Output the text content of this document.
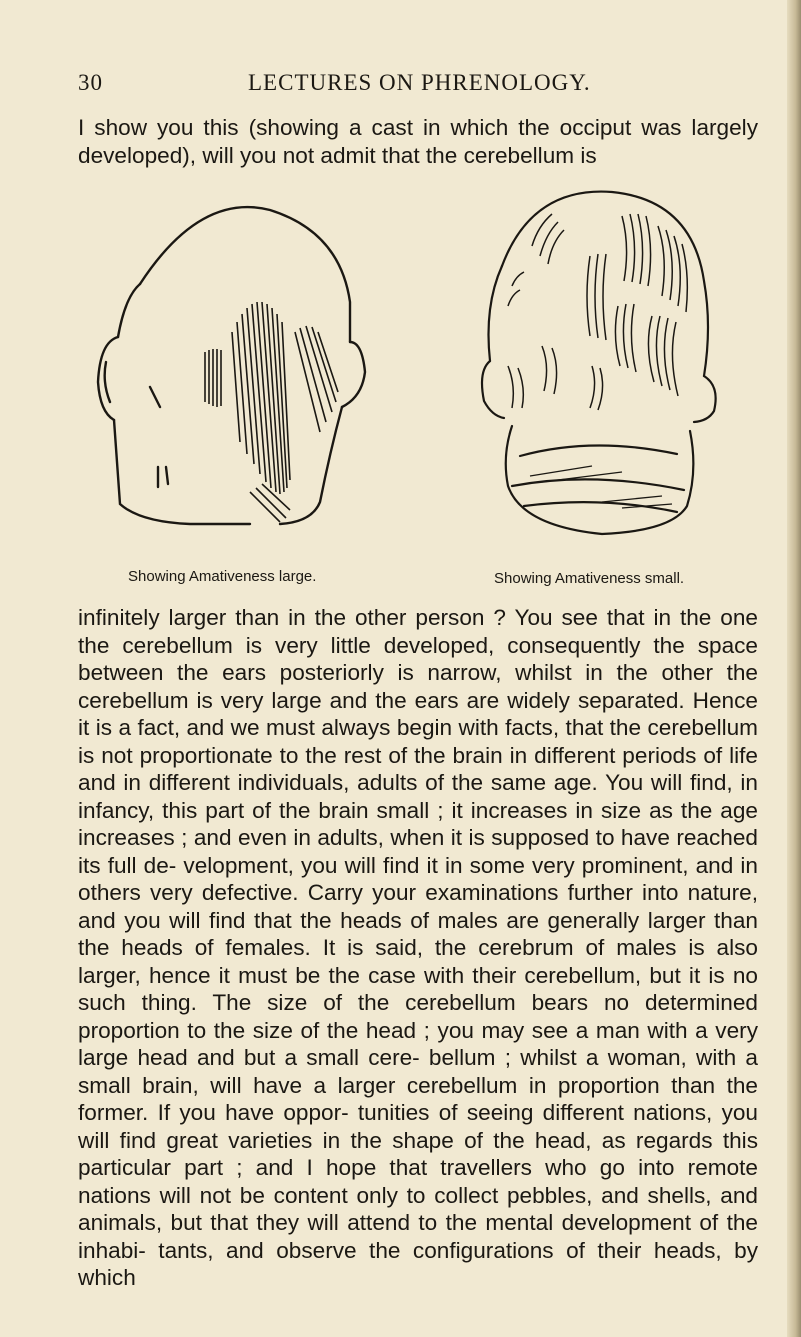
30	LECTURES ON PHRENOLOGY.

I show you this (showing a cast in which the occiput was largely developed), will you not admit that the cerebellum is

Showing Amativeness large.	Showing Amativeness small.

infinitely larger than in the other person ? You see that in the one the cerebellum is very little developed, consequently the space between the ears posteriorly is narrow, whilst in the other the cerebellum is very large and the ears are widely separated. Hence it is a fact, and we must always begin with facts, that the cerebellum is not proportionate to the rest of the brain in different periods of life and in different individuals, adults of the same age. You will find, in infancy, this part of the brain small ; it increases in size as the age increases ; and even in adults, when it is supposed to have reached its full de- velopment, you will find it in some very prominent, and in others very defective. Carry your examinations further into nature, and you will find that the heads of males are generally larger than the heads of females. It is said, the cerebrum of males is also larger, hence it must be the case with their cerebellum, but it is no such thing. The size of the cerebellum bears no determined proportion to the size of the head ; you may see a man with a very large head and but a small cere- bellum ; whilst a woman, with a small brain, will have a larger cerebellum in proportion than the former. If you have oppor- tunities of seeing different nations, you will find great varieties in the shape of the head, as regards this particular part ; and I hope that travellers who go into remote nations will not be content only to collect pebbles, and shells, and animals, but that they will attend to the mental development of the inhabi- tants, and observe the configurations of their heads, by which
